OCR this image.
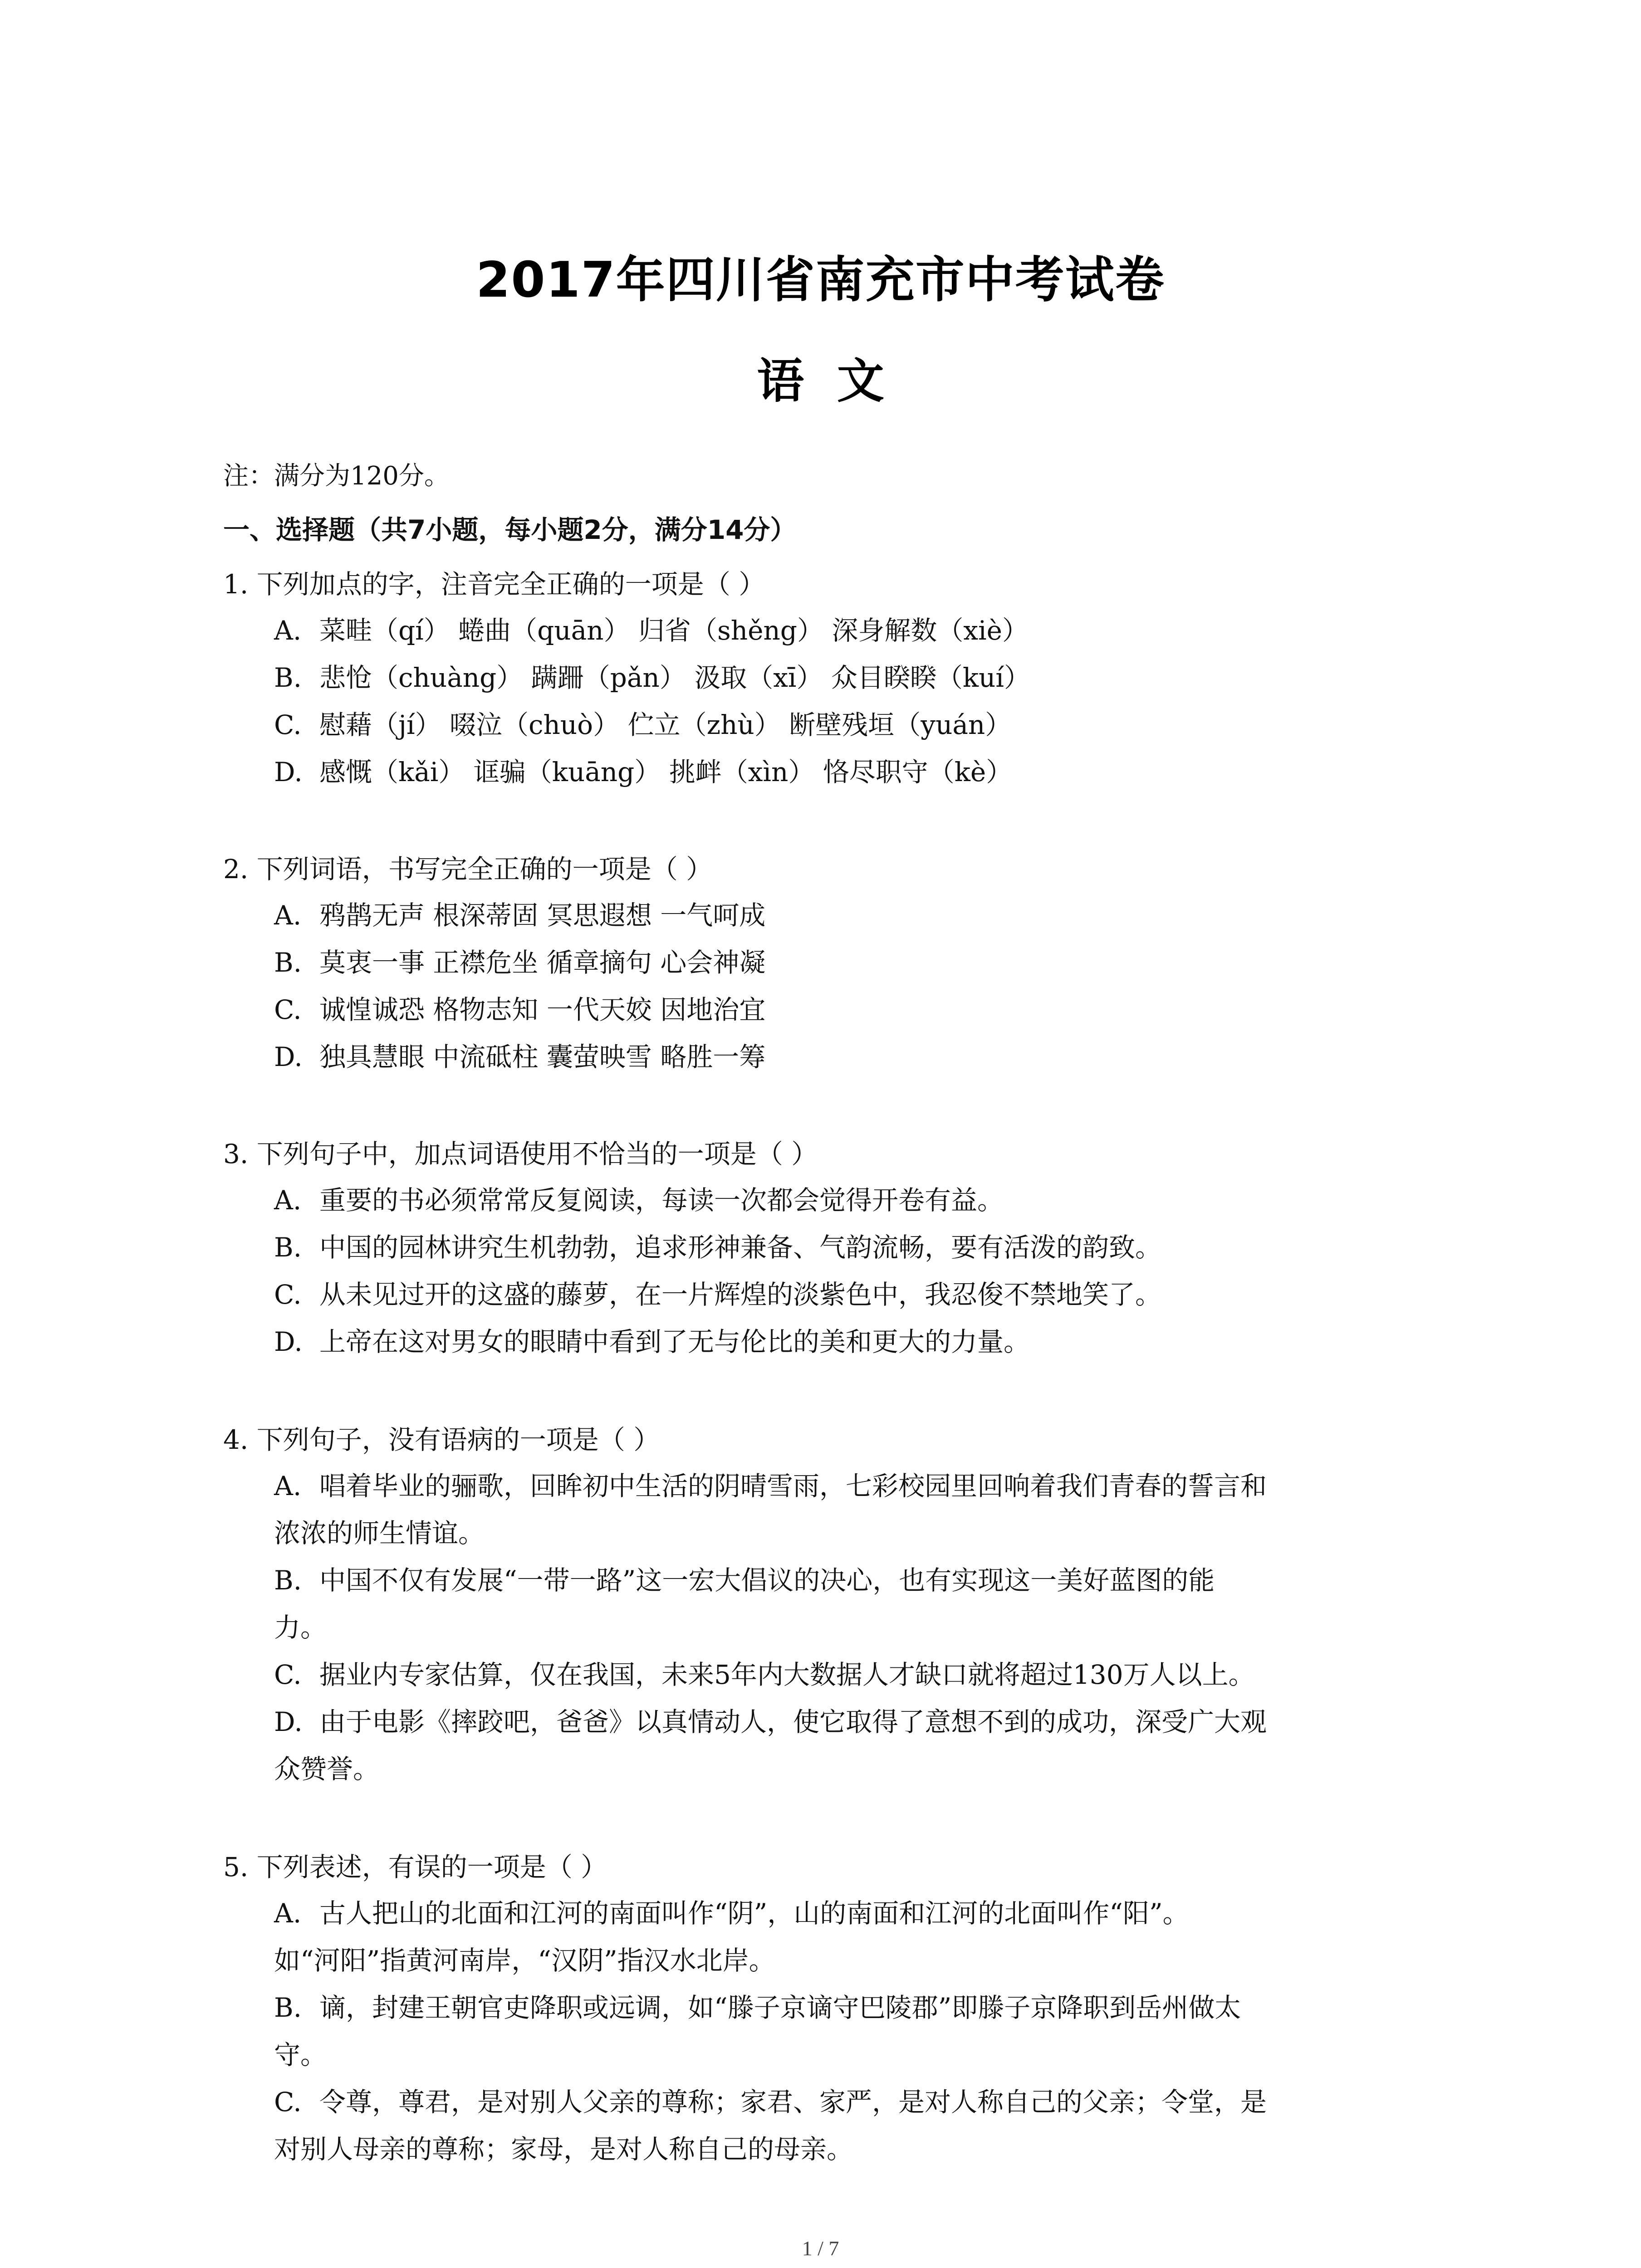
2017年四川省南充市中考试卷
语  文
注：满分为120分。
一、选择题（共7小题，每小题2分，满分14分）
1. 下列加点的字，注音完全正确的一项是（ ）
A. 菜畦（qí） 蜷曲（quān） 归省（shěng） 深身解数（xiè）
B. 悲怆（chuàng） 蹒跚（pǎn） 汲取（xī） 众目睽睽（kuí）
C. 慰藉（jí） 啜泣（chuò） 伫立（zhù） 断壁残垣（yuán）
D. 感慨（kǎi） 诓骗（kuāng） 挑衅（xìn） 恪尽职守（kè）
2. 下列词语，书写完全正确的一项是（ ）
A. 鸦鹊无声 根深蒂固 冥思遐想 一气呵成
B. 莫衷一事 正襟危坐 循章摘句 心会神凝
C. 诚惶诚恐 格物志知 一代天姣 因地治宜
D. 独具慧眼 中流砥柱 囊萤映雪 略胜一筹
3. 下列句子中，加点词语使用不恰当的一项是（ ）
A. 重要的书必须常常反复阅读，每读一次都会觉得开卷有益。
B. 中国的园林讲究生机勃勃，追求形神兼备、气韵流畅，要有活泼的韵致。
C. 从未见过开的这盛的藤萝，在一片辉煌的淡紫色中，我忍俊不禁地笑了。
D. 上帝在这对男女的眼睛中看到了无与伦比的美和更大的力量。
4. 下列句子，没有语病的一项是（ ）
A. 唱着毕业的骊歌，回眸初中生活的阴晴雪雨，七彩校园里回响着我们青春的誓言和
浓浓的师生情谊。
B. 中国不仅有发展“一带一路”这一宏大倡议的决心，也有实现这一美好蓝图的能
力。
C. 据业内专家估算，仅在我国，未来5年内大数据人才缺口就将超过130万人以上。
D. 由于电影《摔跤吧，爸爸》以真情动人，使它取得了意想不到的成功，深受广大观
众赞誉。
5. 下列表述，有误的一项是（ ）
A. 古人把山的北面和江河的南面叫作“阴”，山的南面和江河的北面叫作“阳”。
如“河阳”指黄河南岸，“汉阴”指汉水北岸。
B. 谪，封建王朝官吏降职或远调，如“滕子京谪守巴陵郡”即滕子京降职到岳州做太
守。
C. 令尊，尊君，是对别人父亲的尊称；家君、家严，是对人称自己的父亲；令堂，是
对别人母亲的尊称；家母，是对人称自己的母亲。
1 / 7
